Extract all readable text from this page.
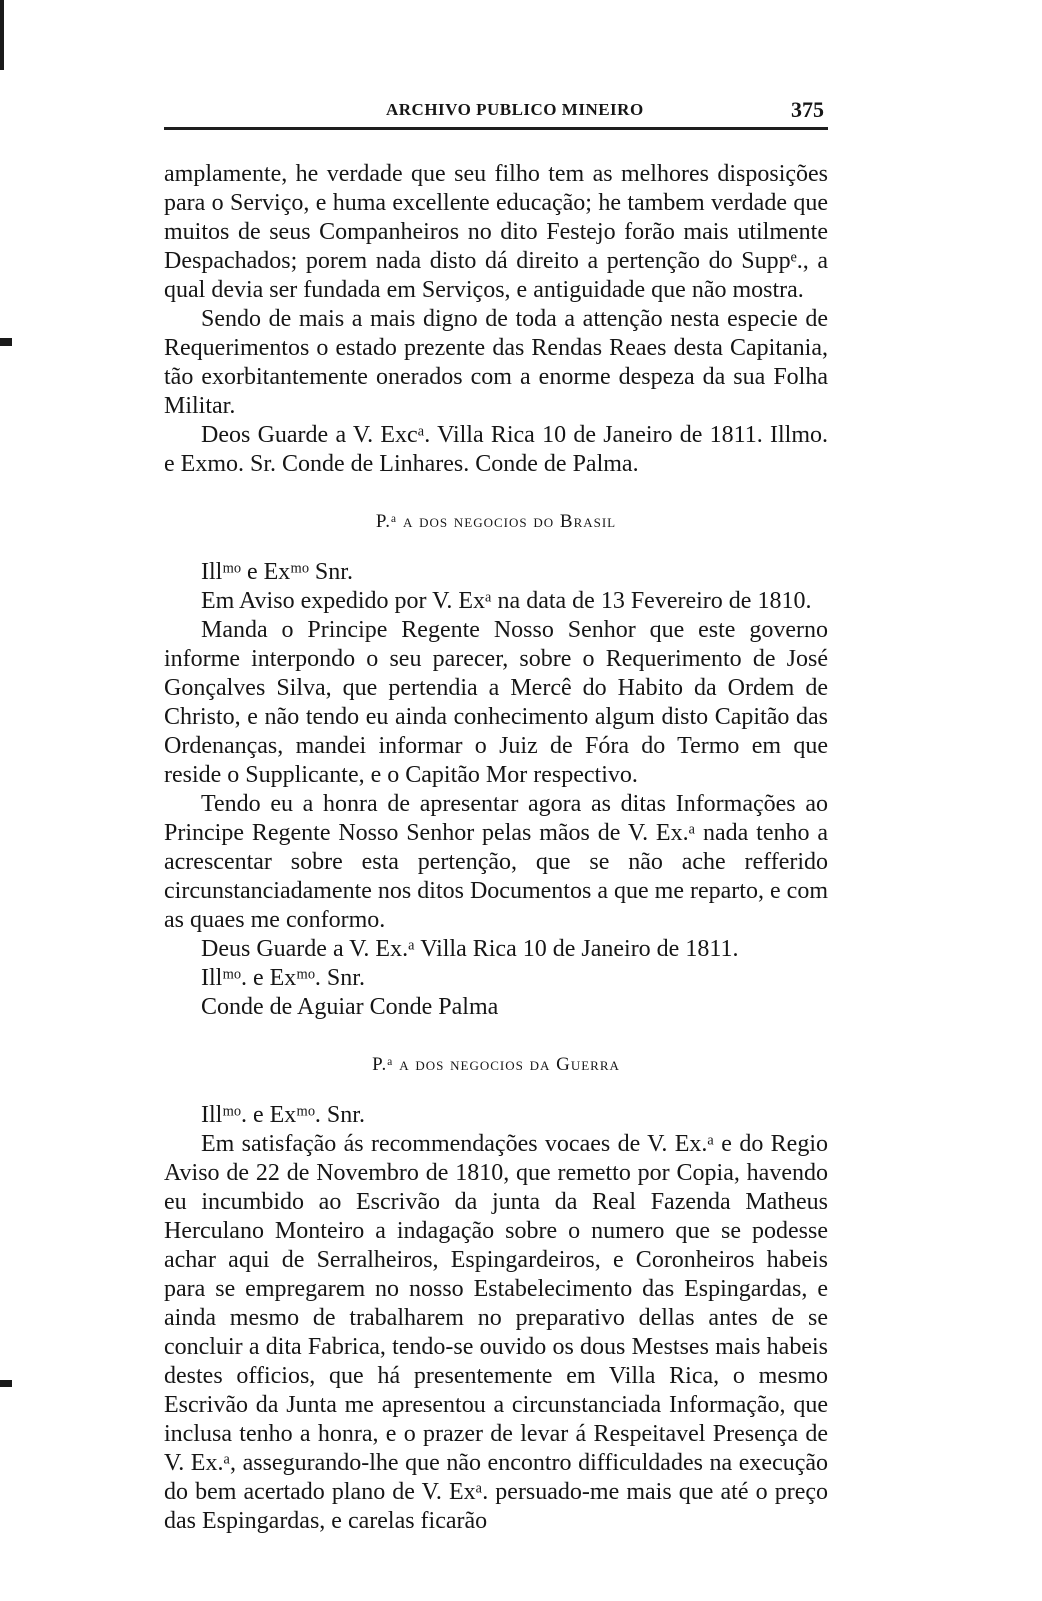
ARCHIVO PUBLICO MINEIRO	375

amplamente, he verdade que seu filho tem as melhores disposições para o Serviço, e huma excellente educação; he tambem verdade que muitos de seus Companheiros no dito Festejo forão mais utilmente Despachados; porem nada disto dá direito a pertenção do Suppᵉ., a qual devia ser fundada em Serviços, e antiguidade que não mostra.

Sendo de mais a mais digno de toda a attenção nesta especie de Requerimentos o estado prezente das Rendas Reaes desta Capitania, tão exorbitantemente onerados com a enorme despeza da sua Folha Militar.

Deos Guarde a V. Excᵃ. Villa Rica 10 de Janeiro de 1811. Illmo. e Exmo. Sr. Conde de Linhares. Conde de Palma.

P.ᵃ a dos negocios do Brasil

Illᵐᵒ e Exᵐᵒ Snr.

Em Aviso expedido por V. Exᵃ na data de 13 Fevereiro de 1810.

Manda o Principe Regente Nosso Senhor que este governo informe interpondo o seu parecer, sobre o Requerimento de José Gonçalves Silva, que pertendia a Mercê do Habito da Ordem de Christo, e não tendo eu ainda conhecimento algum disto Capitão das Ordenanças, mandei informar o Juiz de Fóra do Termo em que reside o Supplicante, e o Capitão Mor respectivo.

Tendo eu a honra de apresentar agora as ditas Informações ao Principe Regente Nosso Senhor pelas mãos de V. Ex.ᵃ nada tenho a acrescentar sobre esta pertenção, que se não ache refferido circunstanciadamente nos ditos Documentos a que me reparto, e com as quaes me conformo.

Deus Guarde a V. Ex.ᵃ Villa Rica 10 de Janeiro de 1811.

Illᵐᵒ. e Exᵐᵒ. Snr.

Conde de Aguiar Conde Palma

P.ᵃ a dos negocios da Guerra

Illᵐᵒ. e Exᵐᵒ. Snr.

Em satisfação ás recommendações vocaes de V. Ex.ᵃ e do Regio Aviso de 22 de Novembro de 1810, que remetto por Copia, havendo eu incumbido ao Escrivão da junta da Real Fazenda Matheus Herculano Monteiro a indagação sobre o numero que se podesse achar aqui de Serralheiros, Espingardeiros, e Coronheiros habeis para se empregarem no nosso Estabelecimento das Espingardas, e ainda mesmo de trabalharem no preparativo dellas antes de se concluir a dita Fabrica, tendo-se ouvido os dous Mestses mais habeis destes officios, que há presentemente em Villa Rica, o mesmo Escrivão da Junta me apresentou a circunstanciada Informação, que inclusa tenho a honra, e o prazer de levar á Respeitavel Presença de V. Ex.ᵃ, assegurando-lhe que não encontro difficuldades na execução do bem acertado plano de V. Exᵃ. persuado-me mais que até o preço das Espingardas, e carelas ficarão
